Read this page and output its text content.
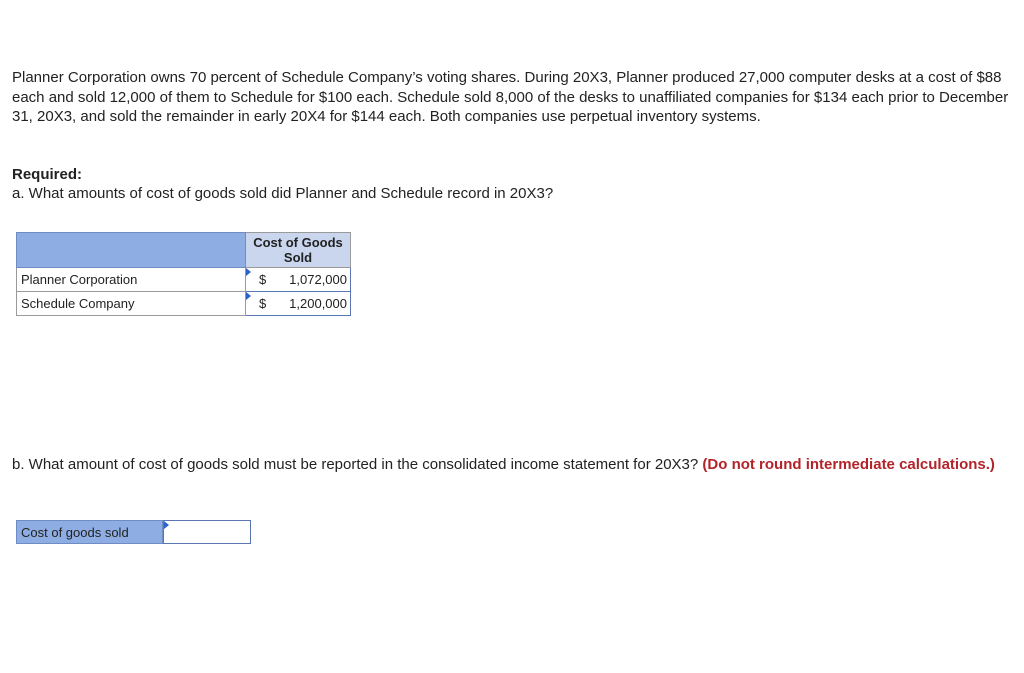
Planner Corporation owns 70 percent of Schedule Company’s voting shares. During 20X3, Planner produced 27,000 computer desks at a cost of $88 each and sold 12,000 of them to Schedule for $100 each. Schedule sold 8,000 of the desks to unaffiliated companies for $134 each prior to December 31, 20X3, and sold the remainder in early 20X4 for $144 each. Both companies use perpetual inventory systems.

Required:

a. What amounts of cost of goods sold did Planner and Schedule record in 20X3?

	Cost of Goods Sold
Planner Corporation	$ 1,072,000

Schedule Company	$ 1,200,000

b. What amount of cost of goods sold must be reported in the consolidated income statement for 20X3? (Do not round intermediate calculations.)

Cost of goods sold
